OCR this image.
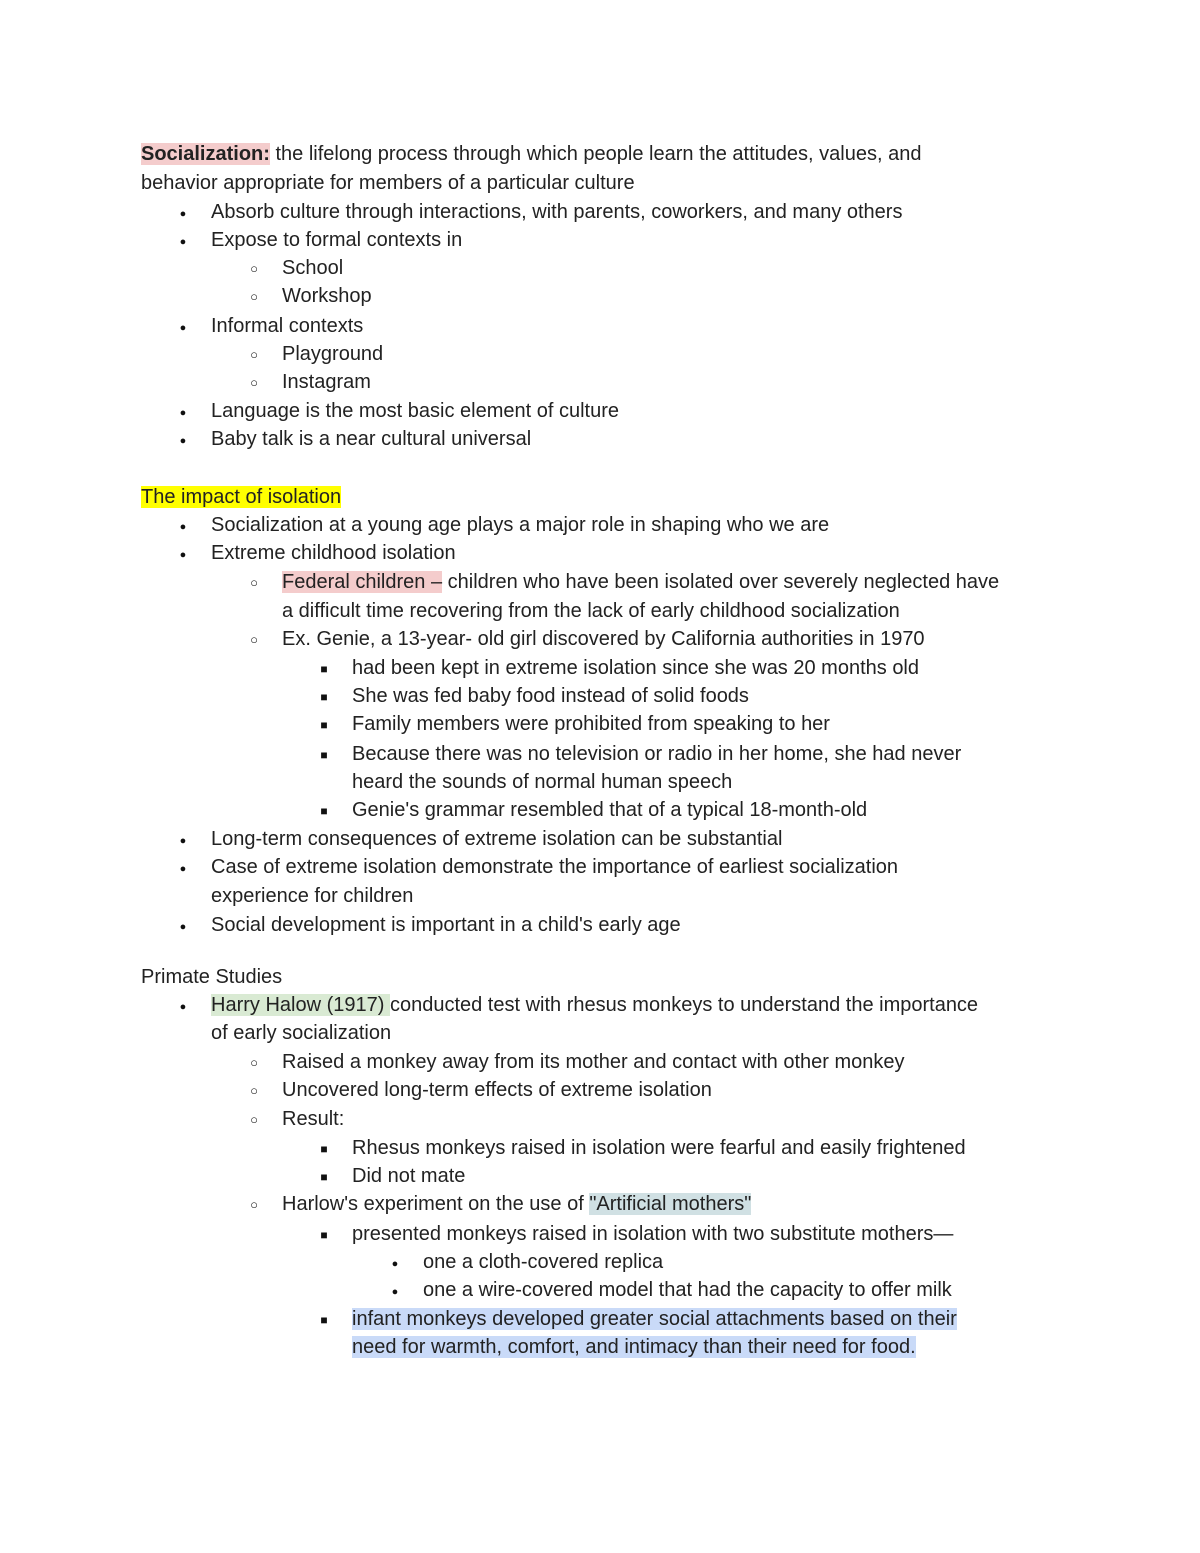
Socialization: the lifelong process through which people learn the attitudes, values, and
behavior appropriate for members of a particular culture
●
Absorb culture through interactions, with parents, coworkers, and many others
●
Expose to formal contexts in
○
School
○
Workshop
●
Informal contexts
○
Playground
○
Instagram
●
Language is the most basic element of culture
●
Baby talk is a near cultural universal
The impact of isolation
●
Socialization at a young age plays a major role in shaping who we are
●
Extreme childhood isolation
○
Federal children – children who have been isolated over severely neglected have
a difficult time recovering from the lack of early childhood socialization
○
Ex. Genie, a 13-year- old girl discovered by California authorities in 1970
■
had been kept in extreme isolation since she was 20 months old
■
She was fed baby food instead of solid foods
■
Family members were prohibited from speaking to her
■
Because there was no television or radio in her home, she had never
heard the sounds of normal human speech
■
Genie's grammar resembled that of a typical 18-month-old
●
Long-term consequences of extreme isolation can be substantial
●
Case of extreme isolation demonstrate the importance of earliest socialization
experience for children
●
Social development is important in a child's early age
Primate Studies
●
Harry Halow (1917) conducted test with rhesus monkeys to understand the importance
of early socialization
○
Raised a monkey away from its mother and contact with other monkey
○
Uncovered long-term effects of extreme isolation
○
Result:
■
Rhesus monkeys raised in isolation were fearful and easily frightened
■
Did not mate
○
Harlow's experiment on the use of "Artificial mothers"
■
presented monkeys raised in isolation with two substitute mothers—
●
one a cloth-covered replica
●
one a wire-covered model that had the capacity to offer milk
■
infant monkeys developed greater social attachments based on their
need for warmth, comfort, and intimacy than their need for food.
